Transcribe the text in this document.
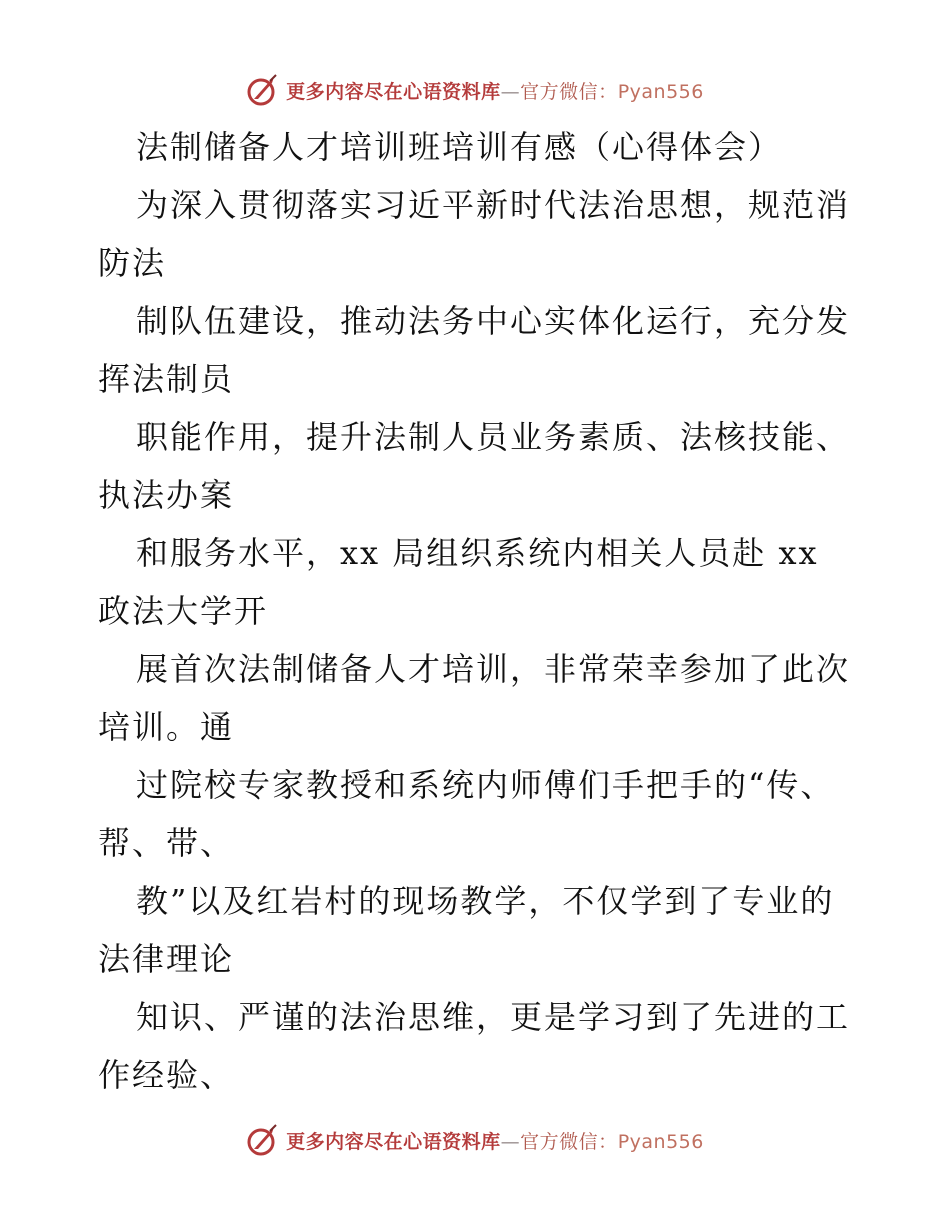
更多内容尽在心语资料库—官方微信：Pyan556
法制储备人才培训班培训有感（心得体会）
为深入贯彻落实习近平新时代法治思想，规范消
防法
制队伍建设，推动法务中心实体化运行，充分发
挥法制员
职能作用，提升法制人员业务素质、法核技能、
执法办案
和服务水平，xx 局组织系统内相关人员赴 xx
政法大学开
展首次法制储备人才培训，非常荣幸参加了此次
培训。通
过院校专家教授和系统内师傅们手把手的“传、
帮、带、
教”以及红岩村的现场教学，不仅学到了专业的
法律理论
知识、严谨的法治思维，更是学习到了先进的工
作经验、
更多内容尽在心语资料库—官方微信：Pyan556
